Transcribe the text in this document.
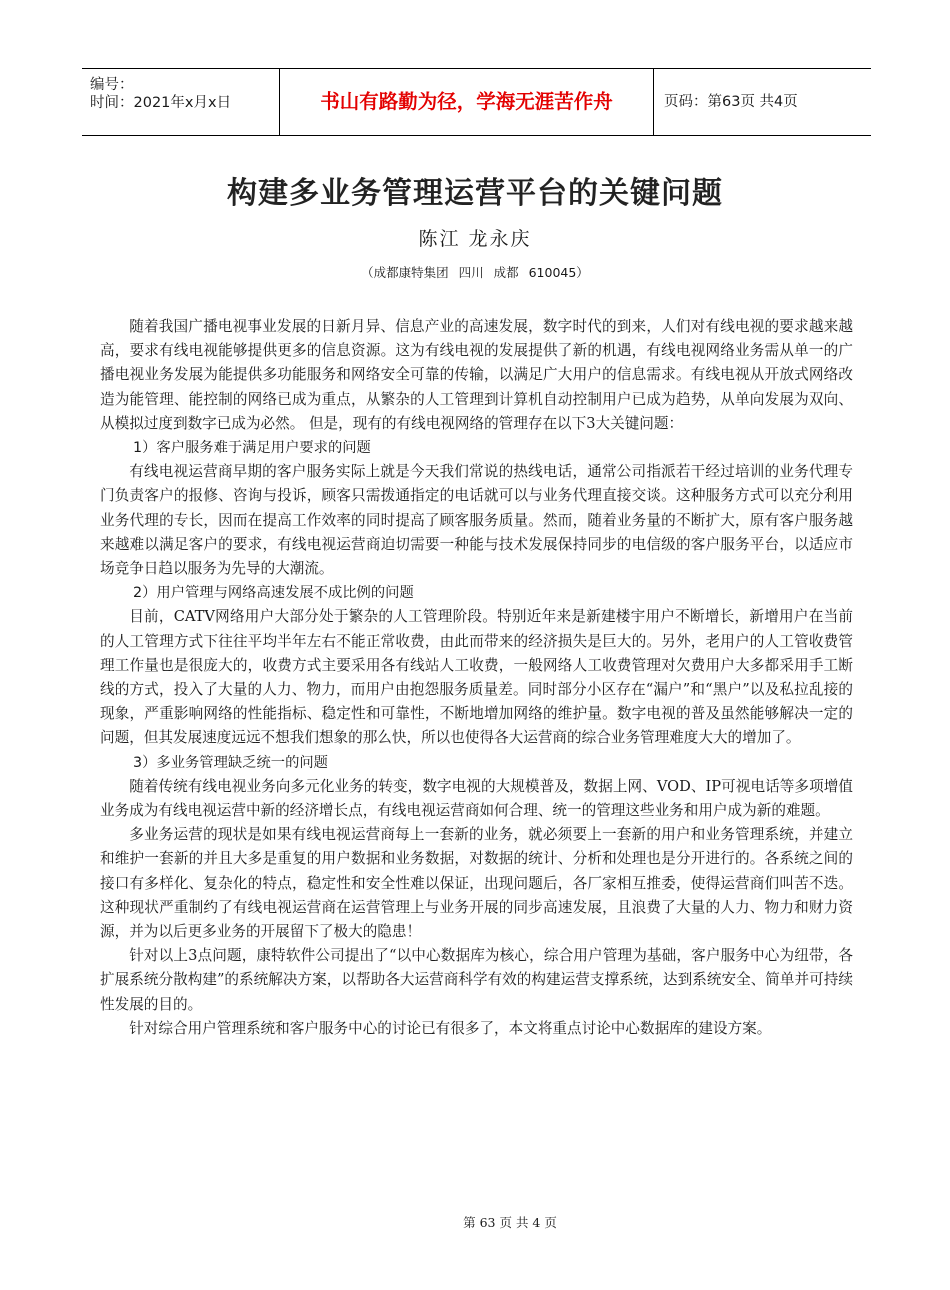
编号：
时间：2021年x月x日	书山有路勤为径，学海无涯苦作舟	页码：第63页 共4页
构建多业务管理运营平台的关键问题
陈江 龙永庆
（成都康特集团 四川 成都 610045）

随着我国广播电视事业发展的日新月异、信息产业的高速发展，数字时代的到来，人们对有线电视的要求越来越高，要求有线电视能够提供更多的信息资源。这为有线电视的发展提供了新的机遇，有线电视网络业务需从单一的广播电视业务发展为能提供多功能服务和网络安全可靠的传输，以满足广大用户的信息需求。有线电视从开放式网络改造为能管理、能控制的网络已成为重点，从繁杂的人工管理到计算机自动控制用户已成为趋势，从单向发展为双向、从模拟过度到数字已成为必然。 但是，现有的有线电视网络的管理存在以下3大关键问题：

1）客户服务难于满足用户要求的问题

有线电视运营商早期的客户服务实际上就是今天我们常说的热线电话，通常公司指派若干经过培训的业务代理专门负责客户的报修、咨询与投诉，顾客只需拨通指定的电话就可以与业务代理直接交谈。这种服务方式可以充分利用业务代理的专长，因而在提高工作效率的同时提高了顾客服务质量。然而，随着业务量的不断扩大，原有客户服务越来越难以满足客户的要求，有线电视运营商迫切需要一种能与技术发展保持同步的电信级的客户服务平台，以适应市场竞争日趋以服务为先导的大潮流。

2）用户管理与网络高速发展不成比例的问题

目前，CATV网络用户大部分处于繁杂的人工管理阶段。特别近年来是新建楼宇用户不断增长，新增用户在当前的人工管理方式下往往平均半年左右不能正常收费，由此而带来的经济损失是巨大的。另外，老用户的人工管收费管理工作量也是很庞大的，收费方式主要采用各有线站人工收费，一般网络人工收费管理对欠费用户大多都采用手工断线的方式，投入了大量的人力、物力，而用户由抱怨服务质量差。同时部分小区存在“漏户”和“黑户”以及私拉乱接的现象，严重影响网络的性能指标、稳定性和可靠性，不断地增加网络的维护量。数字电视的普及虽然能够解决一定的问题，但其发展速度远远不想我们想象的那么快，所以也使得各大运营商的综合业务管理难度大大的增加了。

3）多业务管理缺乏统一的问题

随着传统有线电视业务向多元化业务的转变，数字电视的大规模普及，数据上网、VOD、IP可视电话等多项增值业务成为有线电视运营中新的经济增长点，有线电视运营商如何合理、统一的管理这些业务和用户成为新的难题。

多业务运营的现状是如果有线电视运营商每上一套新的业务，就必须要上一套新的用户和业务管理系统，并建立和维护一套新的并且大多是重复的用户数据和业务数据，对数据的统计、分析和处理也是分开进行的。各系统之间的接口有多样化、复杂化的特点，稳定性和安全性难以保证，出现问题后，各厂家相互推委，使得运营商们叫苦不迭。这种现状严重制约了有线电视运营商在运营管理上与业务开展的同步高速发展，且浪费了大量的人力、物力和财力资源，并为以后更多业务的开展留下了极大的隐患！

针对以上3点问题，康特软件公司提出了“以中心数据库为核心，综合用户管理为基础，客户服务中心为纽带，各扩展系统分散构建”的系统解决方案，以帮助各大运营商科学有效的构建运营支撑系统，达到系统安全、简单并可持续性发展的目的。

针对综合用户管理系统和客户服务中心的讨论已有很多了，本文将重点讨论中心数据库的建设方案。

第 63 页 共 4 页
